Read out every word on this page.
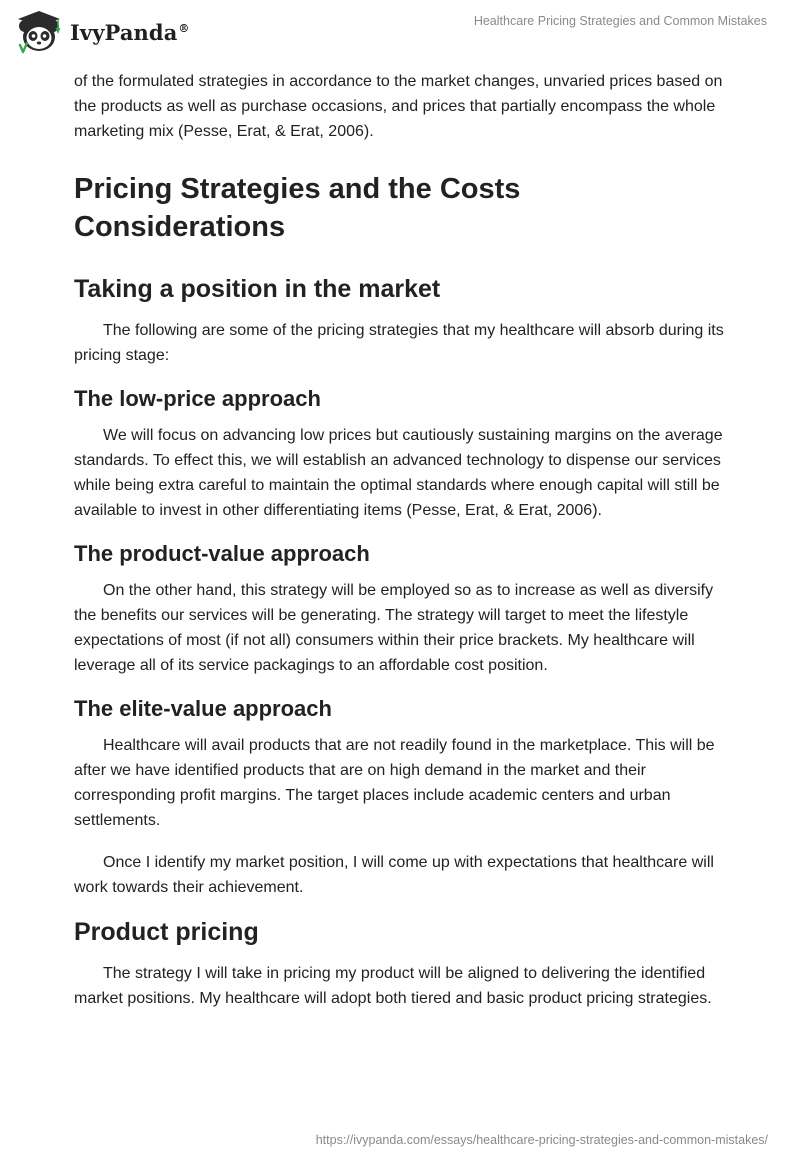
IvyPanda®	Healthcare Pricing Strategies and Common Mistakes

of the formulated strategies in accordance to the market changes, unvaried prices based on the products as well as purchase occasions, and prices that partially encompass the whole marketing mix (Pesse, Erat, & Erat, 2006).

Pricing Strategies and the Costs Considerations
Taking a position in the market

The following are some of the pricing strategies that my healthcare will absorb during its pricing stage:

The low-price approach

We will focus on advancing low prices but cautiously sustaining margins on the average standards. To effect this, we will establish an advanced technology to dispense our services while being extra careful to maintain the optimal standards where enough capital will still be available to invest in other differentiating items (Pesse, Erat, & Erat, 2006).

The product-value approach

On the other hand, this strategy will be employed so as to increase as well as diversify the benefits our services will be generating. The strategy will target to meet the lifestyle expectations of most (if not all) consumers within their price brackets. My healthcare will leverage all of its service packagings to an affordable cost position.

The elite-value approach

Healthcare will avail products that are not readily found in the marketplace. This will be after we have identified products that are on high demand in the market and their corresponding profit margins. The target places include academic centers and urban settlements.

Once I identify my market position, I will come up with expectations that healthcare will work towards their achievement.

Product pricing

The strategy I will take in pricing my product will be aligned to delivering the identified market positions. My healthcare will adopt both tiered and basic product pricing strategies.

https://ivypanda.com/essays/healthcare-pricing-strategies-and-common-mistakes/
